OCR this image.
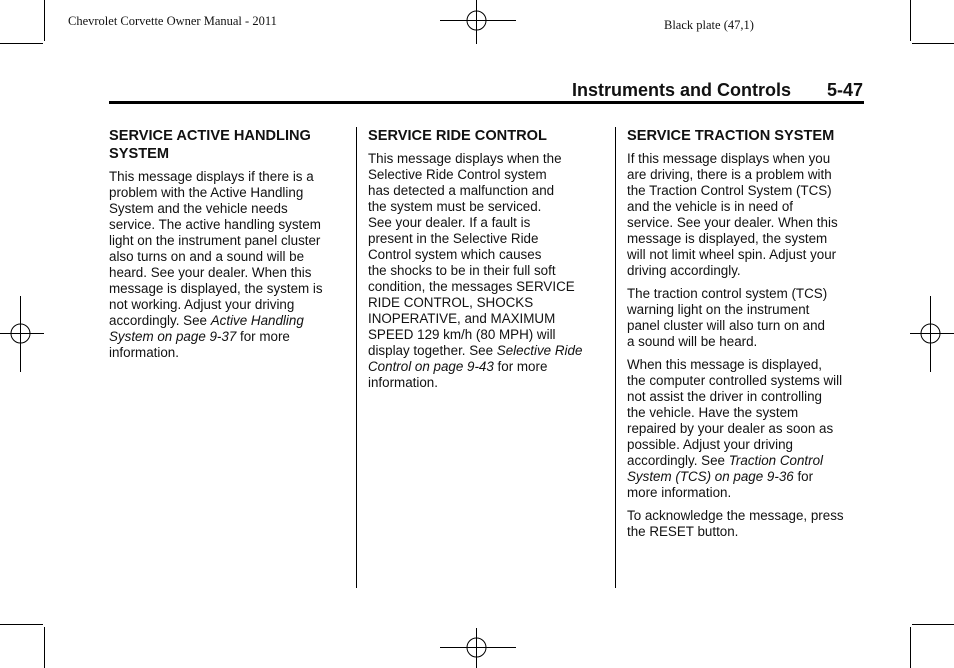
Chevrolet Corvette Owner Manual - 2011	Black plate (47,1)
Instruments and Controls 5-47
SERVICE ACTIVE HANDLING
SYSTEM

This message displays if there is a
problem with the Active Handling
System and the vehicle needs
service. The active handling system
light on the instrument panel cluster
also turns on and a sound will be
heard. See your dealer. When this
message is displayed, the system is
not working. Adjust your driving
accordingly. See Active Handling
System on page 9-37 for more
information.

SERVICE RIDE CONTROL

This message displays when the
Selective Ride Control system
has detected a malfunction and
the system must be serviced.
See your dealer. If a fault is
present in the Selective Ride
Control system which causes
the shocks to be in their full soft
condition, the messages SERVICE
RIDE CONTROL, SHOCKS
INOPERATIVE, and MAXIMUM
SPEED 129 km/h (80 MPH) will
display together. See Selective Ride
Control on page 9-43 for more
information.

SERVICE TRACTION SYSTEM

If this message displays when you
are driving, there is a problem with
the Traction Control System (TCS)
and the vehicle is in need of
service. See your dealer. When this
message is displayed, the system
will not limit wheel spin. Adjust your
driving accordingly.

The traction control system (TCS)
warning light on the instrument
panel cluster will also turn on and
a sound will be heard.

When this message is displayed,
the computer controlled systems will
not assist the driver in controlling
the vehicle. Have the system
repaired by your dealer as soon as
possible. Adjust your driving
accordingly. See Traction Control
System (TCS) on page 9-36 for
more information.

To acknowledge the message, press
the RESET button.
